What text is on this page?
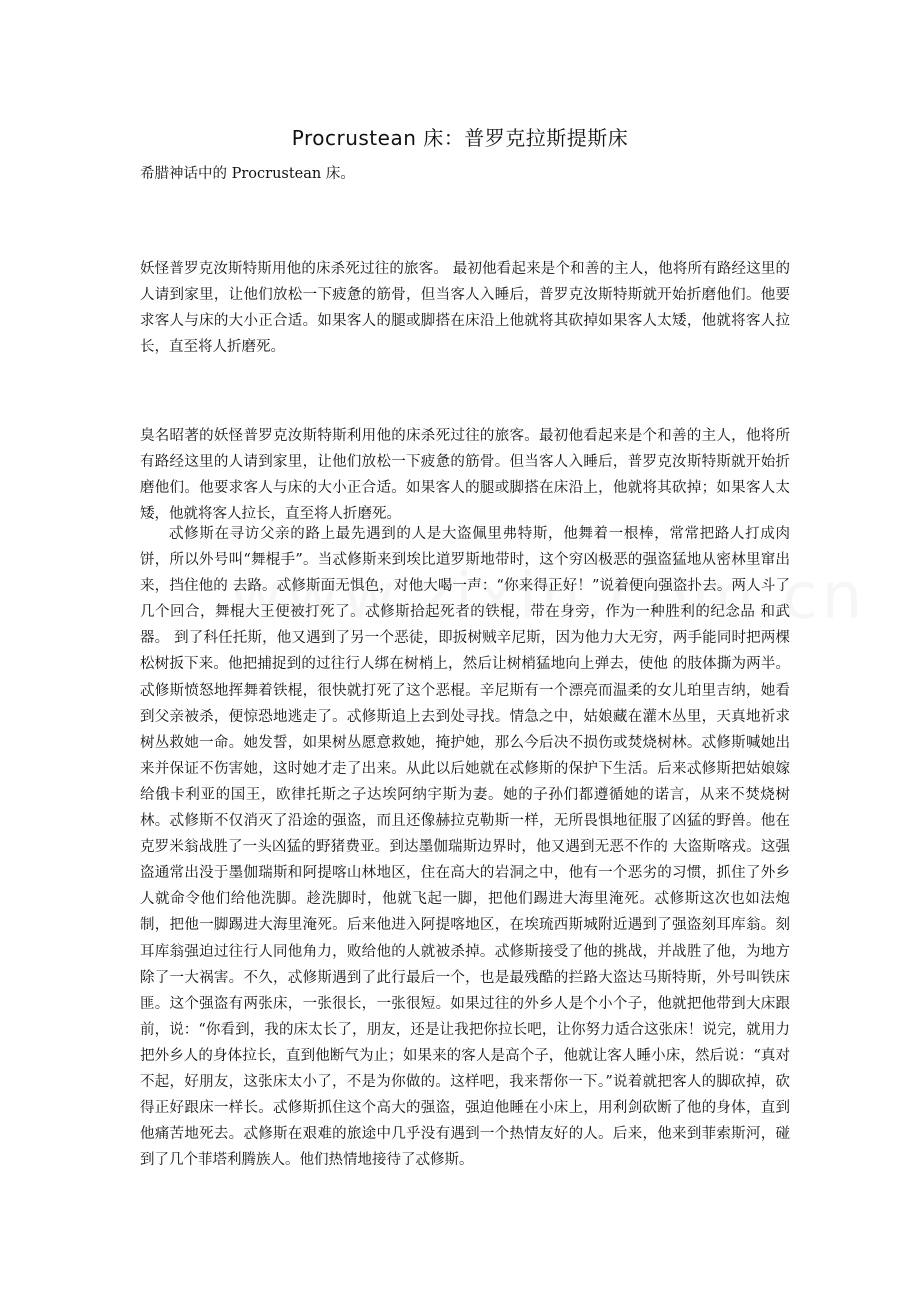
Procrustean 床：普罗克拉斯提斯床
希腊神话中的 Procrustean 床。
妖怪普罗克汝斯特斯用他的床杀死过往的旅客。 最初他看起来是个和善的主人，他将所有路经这里的人请到家里，让他们放松一下疲惫的筋骨，但当客人入睡后，普罗克汝斯特斯就开始折磨他们。他要求客人与床的大小正合适。如果客人的腿或脚搭在床沿上他就将其砍掉如果客人太矮，他就将客人拉长，直至将人折磨死。
臭名昭著的妖怪普罗克汝斯特斯利用他的床杀死过往的旅客。最初他看起来是个和善的主人，他将所有路经这里的人请到家里，让他们放松一下疲惫的筋骨。但当客人入睡后，普罗克汝斯特斯就开始折磨他们。他要求客人与床的大小正合适。如果客人的腿或脚搭在床沿上，他就将其砍掉；如果客人太矮，他就将客人拉长，直至将人折磨死。
忒修斯在寻访父亲的路上最先遇到的人是大盗佩里弗特斯，他舞着一根棒，常常把路人打成肉饼，所以外号叫“舞棍手”。当忒修斯来到埃比道罗斯地带时，这个穷凶极恶的强盗猛地从密林里窜出来，挡住他的 去路。忒修斯面无惧色，对他大喝一声：“你来得正好！”说着便向强盗扑去。两人斗了几个回合，舞棍大王便被打死了。忒修斯拾起死者的铁棍，带在身旁，作为一种胜利的纪念品 和武器。 到了科任托斯，他又遇到了另一个恶徒，即扳树贼辛尼斯，因为他力大无穷，两手能同时把两棵松树扳下来。他把捕捉到的过往行人绑在树梢上，然后让树梢猛地向上弹去，使他 的肢体撕为两半。忒修斯愤怒地挥舞着铁棍，很快就打死了这个恶棍。辛尼斯有一个漂亮而温柔的女儿珀里吉纳，她看到父亲被杀，便惊恐地逃走了。忒修斯追上去到处寻找。情急之中，姑娘藏在灌木丛里，天真地祈求树丛救她一命。她发誓，如果树丛愿意救她，掩护她，那么今后决不损伤或焚烧树林。忒修斯喊她出来并保证不伤害她，这时她才走了出来。从此以后她就在忒修斯的保护下生活。后来忒修斯把姑娘嫁给俄卡利亚的国王，欧律托斯之子达埃阿纳宇斯为妻。她的子孙们都遵循她的诺言，从来不焚烧树林。忒修斯不仅消灭了沿途的强盗，而且还像赫拉克勒斯一样，无所畏惧地征服了凶猛的野兽。他在克罗米翁战胜了一头凶猛的野猪费亚。到达墨伽瑞斯边界时，他又遇到无恶不作的 大盗斯喀戎。这强盗通常出没于墨伽瑞斯和阿提喀山林地区，住在高大的岩洞之中，他有一个恶劣的习惯，抓住了外乡人就命令他们给他洗脚。趁洗脚时，他就飞起一脚，把他们踢进大海里淹死。忒修斯这次也如法炮制，把他一脚踢进大海里淹死。后来他进入阿提喀地区，在埃琉西斯城附近遇到了强盗刻耳库翁。刻耳库翁强迫过往行人同他角力，败给他的人就被杀掉。忒修斯接受了他的挑战，并战胜了他，为地方除了一大祸害。不久，忒修斯遇到了此行最后一个，也是最残酷的拦路大盗达马斯特斯，外号叫铁床匪。这个强盗有两张床，一张很长，一张很短。如果过往的外乡人是个小个子，他就把他带到大床跟前，说：“你看到，我的床太长了，朋友，还是让我把你拉长吧，让你努力适合这张床！说完，就用力把外乡人的身体拉长，直到他断气为止；如果来的客人是高个子，他就让客人睡小床，然后说：“真对不起，好朋友，这张床太小了，不是为你做的。这样吧，我来帮你一下。”说着就把客人的脚砍掉，砍得正好跟床一样长。忒修斯抓住这个高大的强盗，强迫他睡在小床上，用利剑砍断了他的身体，直到他痛苦地死去。忒修斯在艰难的旅途中几乎没有遇到一个热情友好的人。后来，他来到菲索斯河，碰到了几个菲塔利腾族人。他们热情地接待了忒修斯。
